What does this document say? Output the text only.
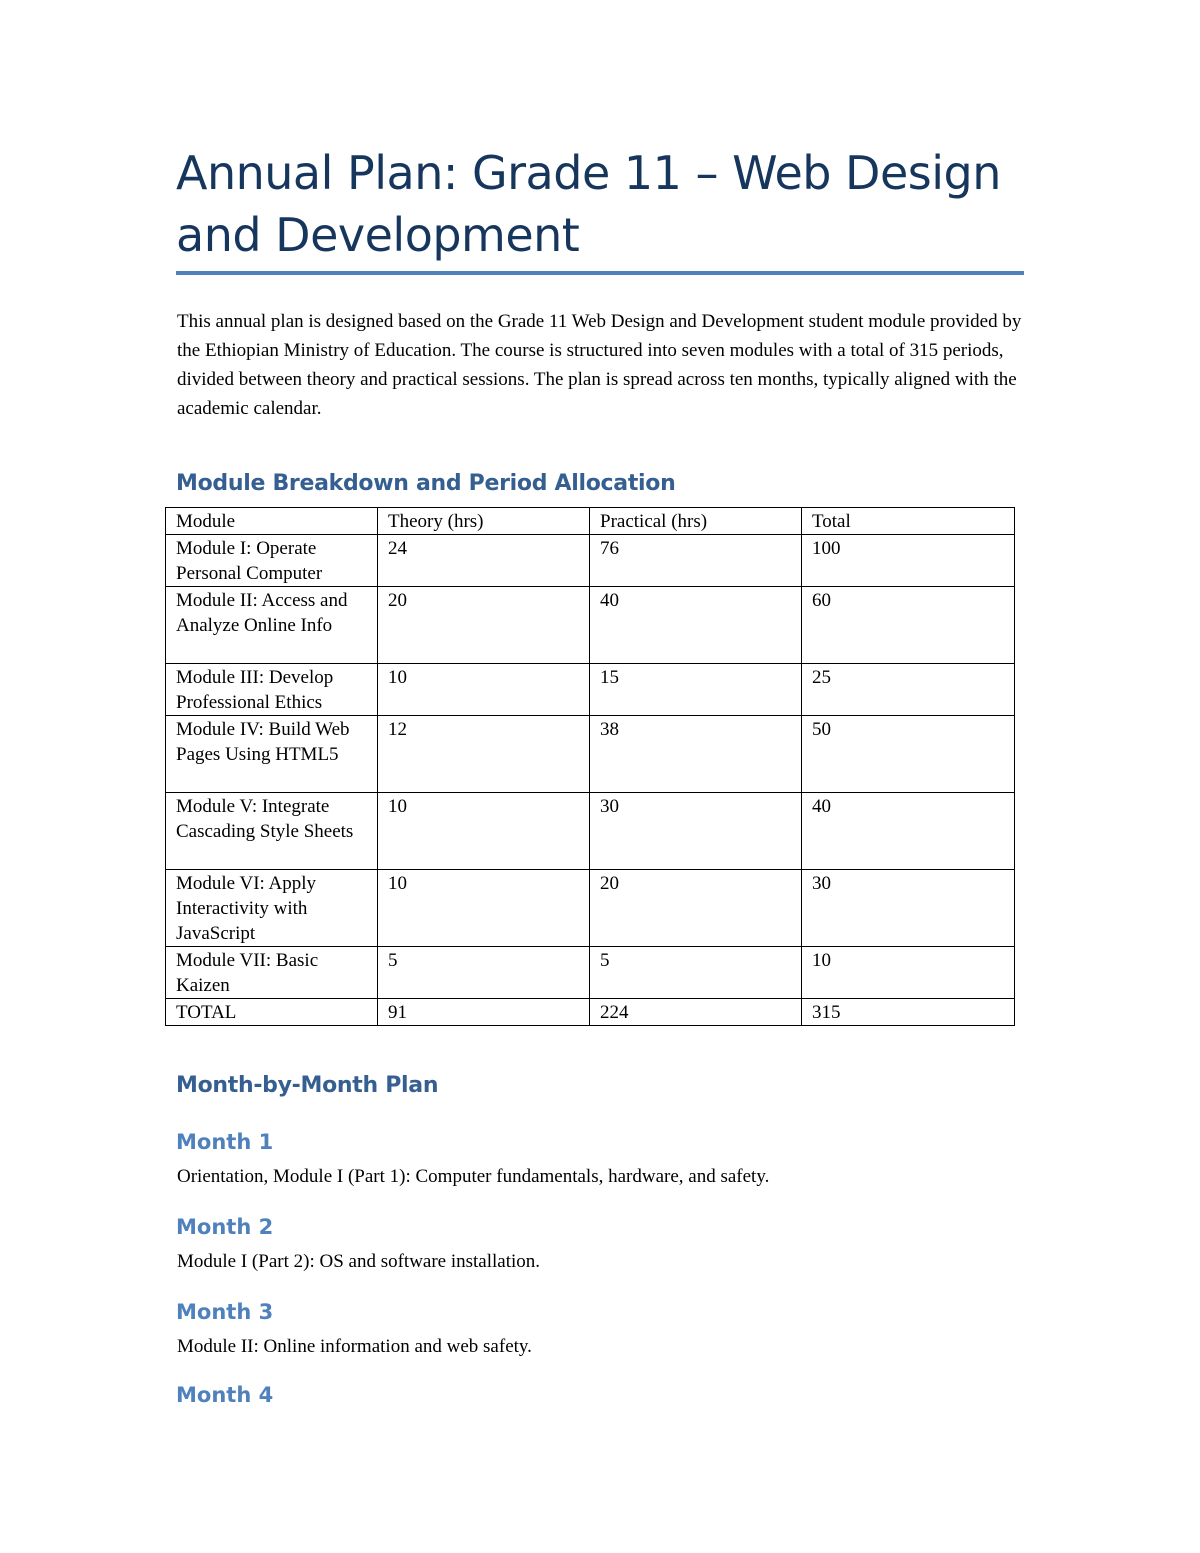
Annual Plan: Grade 11 – Web Design and Development

This annual plan is designed based on the Grade 11 Web Design and Development student module provided by the Ethiopian Ministry of Education. The course is structured into seven modules with a total of 315 periods, divided between theory and practical sessions. The plan is spread across ten months, typically aligned with the academic calendar.

Module Breakdown and Period Allocation
Module	Theory (hrs)	Practical (hrs)	Total
Module I: Operate Personal Computer	24	76	100
Module II: Access and Analyze Online Info	20	40	60
Module III: Develop Professional Ethics	10	15	25
Module IV: Build Web Pages Using HTML5	12	38	50
Module V: Integrate Cascading Style Sheets	10	30	40
Module VI: Apply Interactivity with JavaScript	10	20	30
Module VII: Basic Kaizen	5	5	10
TOTAL	91	224	315
Month-by-Month Plan
Month 1

Orientation, Module I (Part 1): Computer fundamentals, hardware, and safety.

Month 2

Module I (Part 2): OS and software installation.

Month 3

Module II: Online information and web safety.

Month 4
